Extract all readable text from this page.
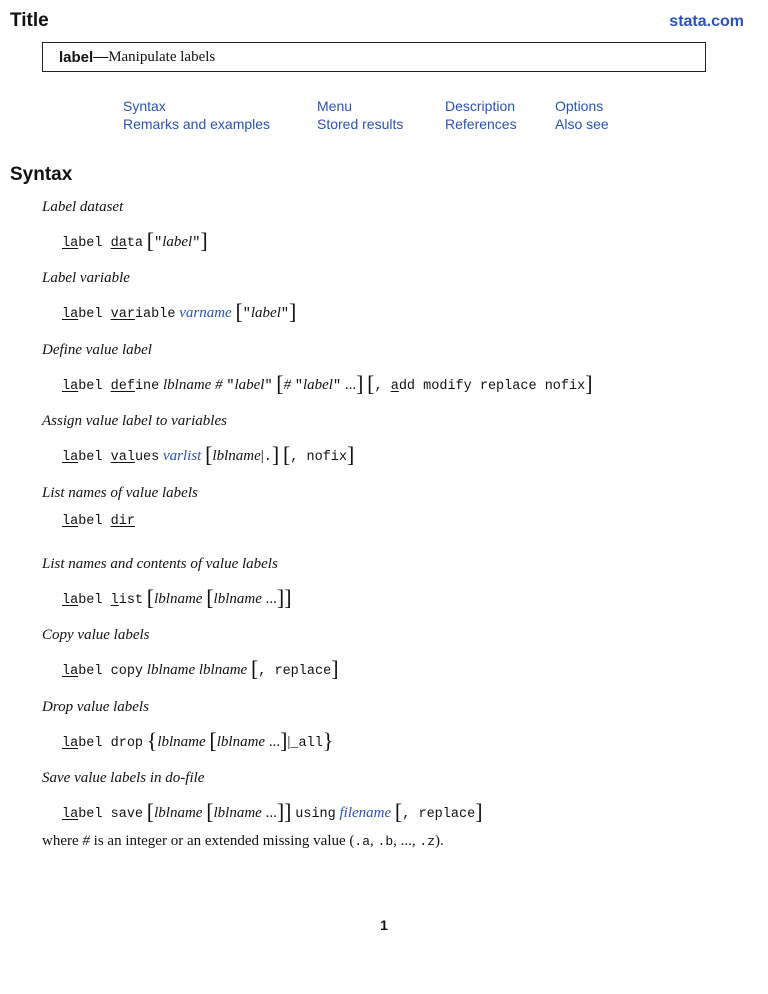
Title	stata.com
label — Manipulate labels
Syntax
Remarks and examples
Menu
Stored results
Description
References
Options
Also see
Syntax
Label dataset
label data ["label"]
Label variable
label variable varname ["label"]
Define value label
label define lblname # "label" [# "label" ...] [, add modify replace nofix]
Assign value label to variables
label values varlist [lblname|.] [, nofix]
List names of value labels
label dir
List names and contents of value labels
label list [lblname [lblname ...]]
Copy value labels
label copy lblname lblname [, replace]
Drop value labels
label drop {lblname [lblname ...]|_all}
Save value labels in do-file
label save [lblname [lblname ...]] using filename [, replace]
where # is an integer or an extended missing value (.a, .b, ..., .z).
1
